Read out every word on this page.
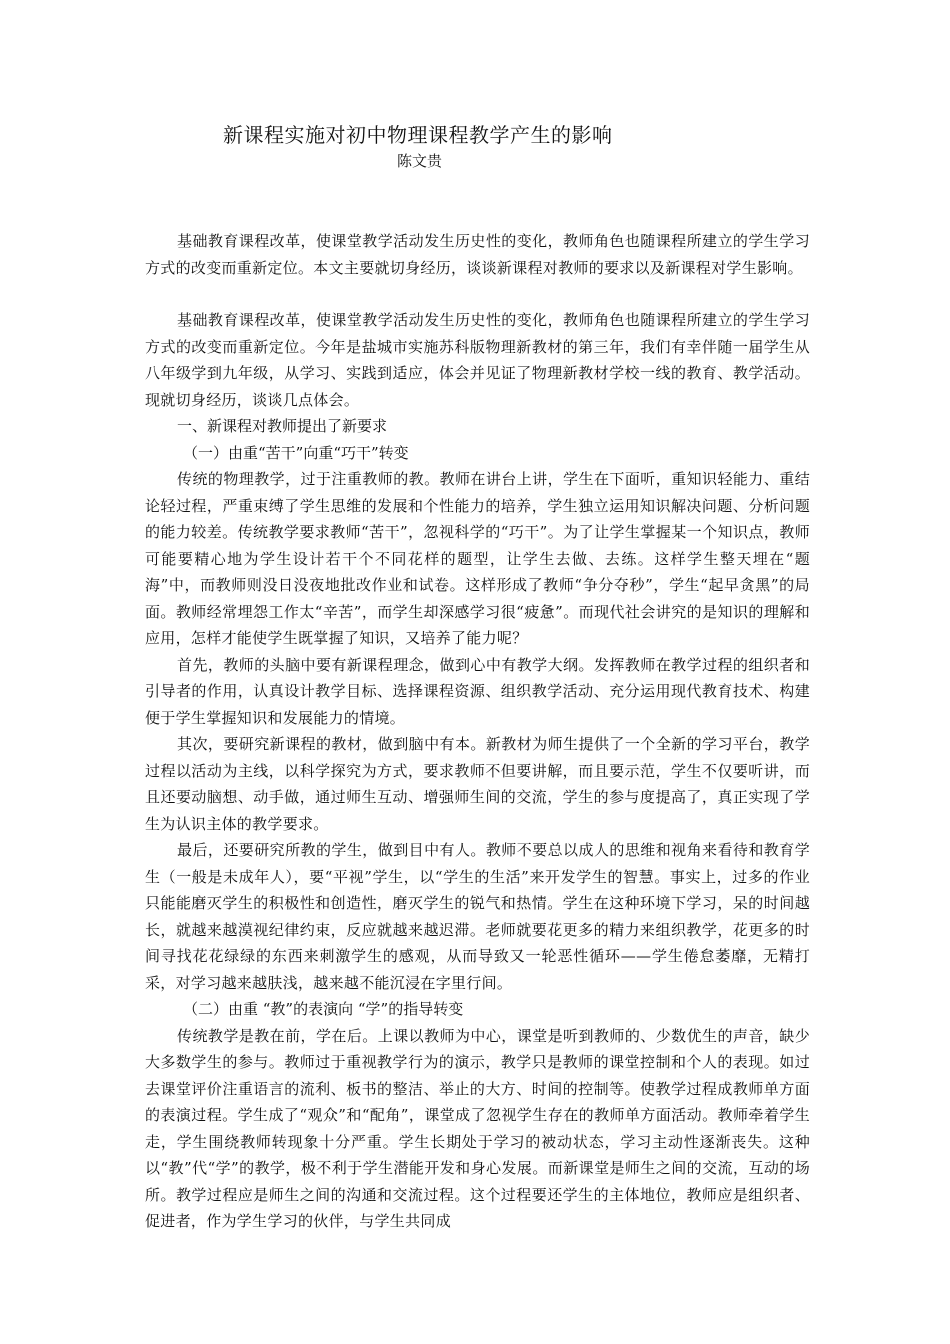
新课程实施对初中物理课程教学产生的影响

陈文贵

基础教育课程改革，使课堂教学活动发生历史性的变化，教师角色也随课程所建立的学生学习方式的改变而重新定位。本文主要就切身经历，谈谈新课程对教师的要求以及新课程对学生影响。

基础教育课程改革，使课堂教学活动发生历史性的变化，教师角色也随课程所建立的学生学习方式的改变而重新定位。今年是盐城市实施苏科版物理新教材的第三年，我们有幸伴随一届学生从八年级学到九年级，从学习、实践到适应，体会并见证了物理新教材学校一线的教育、教学活动。现就切身经历，谈谈几点体会。

一、新课程对教师提出了新要求

（一）由重“苦干”向重“巧干”转变

传统的物理教学，过于注重教师的教。教师在讲台上讲，学生在下面听，重知识轻能力、重结论轻过程，严重束缚了学生思维的发展和个性能力的培养，学生独立运用知识解决问题、分析问题的能力较差。传统教学要求教师“苦干”，忽视科学的“巧干”。为了让学生掌握某一个知识点，教师可能要精心地为学生设计若干个不同花样的题型，让学生去做、去练。这样学生整天埋在“题海”中，而教师则没日没夜地批改作业和试卷。这样形成了教师“争分夺秒”，学生“起早贪黑”的局面。教师经常埋怨工作太“辛苦”，而学生却深感学习很“疲惫”。而现代社会讲究的是知识的理解和应用，怎样才能使学生既掌握了知识，又培养了能力呢？

首先，教师的头脑中要有新课程理念，做到心中有教学大纲。发挥教师在教学过程的组织者和引导者的作用，认真设计教学目标、选择课程资源、组织教学活动、充分运用现代教育技术、构建便于学生掌握知识和发展能力的情境。

其次，要研究新课程的教材，做到脑中有本。新教材为师生提供了一个全新的学习平台，教学过程以活动为主线，以科学探究为方式，要求教师不但要讲解，而且要示范，学生不仅要听讲，而且还要动脑想、动手做，通过师生互动、增强师生间的交流，学生的参与度提高了，真正实现了学生为认识主体的教学要求。

最后，还要研究所教的学生，做到目中有人。教师不要总以成人的思维和视角来看待和教育学生（一般是未成年人），要“平视”学生，以“学生的生活”来开发学生的智慧。事实上，过多的作业只能能磨灭学生的积极性和创造性，磨灭学生的锐气和热情。学生在这种环境下学习，呆的时间越长，就越来越漠视纪律约束，反应就越来越迟滞。老师就要花更多的精力来组织教学，花更多的时间寻找花花绿绿的东西来刺激学生的感观，从而导致又一轮恶性循环——学生倦怠萎靡，无精打采，对学习越来越肤浅，越来越不能沉浸在字里行间。

（二）由重 “教”的表演向 “学”的指导转变

传统教学是教在前，学在后。上课以教师为中心，课堂是听到教师的、少数优生的声音，缺少大多数学生的参与。教师过于重视教学行为的演示，教学只是教师的课堂控制和个人的表现。如过去课堂评价注重语言的流利、板书的整洁、举止的大方、时间的控制等。使教学过程成教师单方面的表演过程。学生成了“观众”和“配角”，课堂成了忽视学生存在的教师单方面活动。教师牵着学生走，学生围绕教师转现象十分严重。学生长期处于学习的被动状态，学习主动性逐渐丧失。这种以“教”代“学”的教学，极不利于学生潜能开发和身心发展。而新课堂是师生之间的交流，互动的场所。教学过程应是师生之间的沟通和交流过程。这个过程要还学生的主体地位，教师应是组织者、促进者，作为学生学习的伙伴，与学生共同成
